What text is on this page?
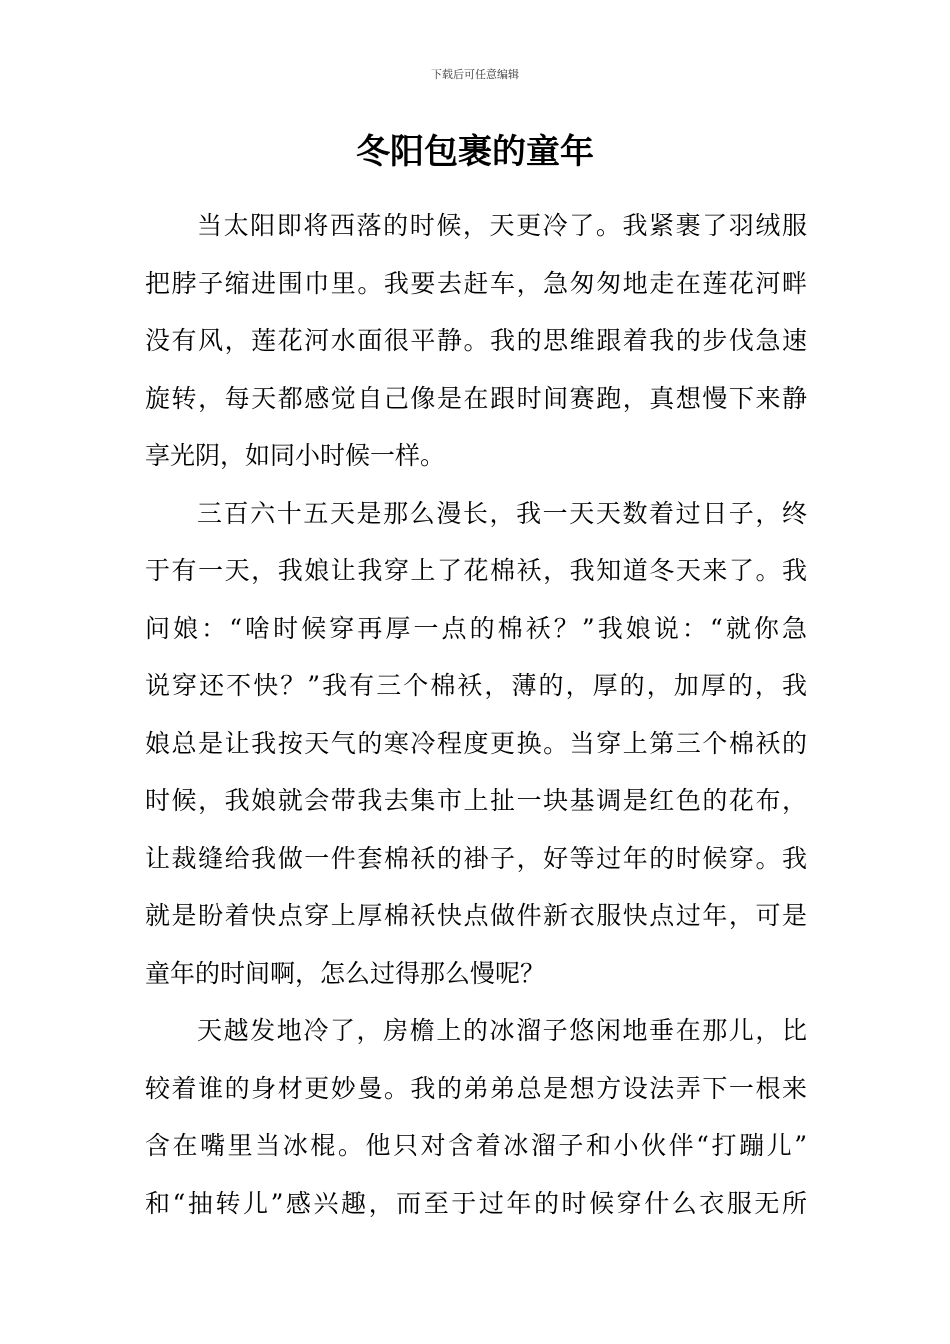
下载后可任意编辑
冬阳包裹的童年
当太阳即将西落的时候，天更冷了。我紧裹了羽绒服
把脖子缩进围巾里。我要去赶车，急匆匆地走在莲花河畔
没有风，莲花河水面很平静。我的思维跟着我的步伐急速
旋转，每天都感觉自己像是在跟时间赛跑，真想慢下来静
享光阴，如同小时候一样。
三百六十五天是那么漫长，我一天天数着过日子，终
于有一天，我娘让我穿上了花棉袄，我知道冬天来了。我
问娘：“啥时候穿再厚一点的棉袄？”我娘说：“就你急
说穿还不快？”我有三个棉袄，薄的，厚的，加厚的，我
娘总是让我按天气的寒冷程度更换。当穿上第三个棉袄的
时候，我娘就会带我去集市上扯一块基调是红色的花布，
让裁缝给我做一件套棉袄的褂子，好等过年的时候穿。我
就是盼着快点穿上厚棉袄快点做件新衣服快点过年，可是
童年的时间啊，怎么过得那么慢呢？
天越发地冷了，房檐上的冰溜子悠闲地垂在那儿，比
较着谁的身材更妙曼。我的弟弟总是想方设法弄下一根来
含在嘴里当冰棍。他只对含着冰溜子和小伙伴“打蹦儿”
和“抽转儿”感兴趣，而至于过年的时候穿什么衣服无所
